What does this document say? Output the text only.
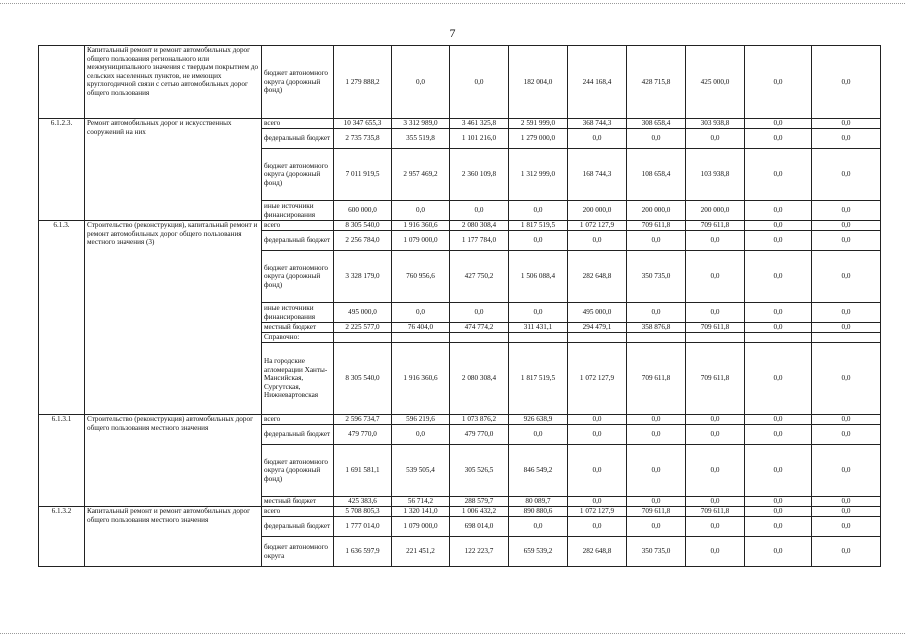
7
	Капитальный ремонт и ремонт автомобильных дорог общего пользования регионального или межмуниципального значения с твердым покрытием до сельских населенных пунктов, не имеющих круглогодичной связи с сетью автомобильных дорог общего пользования	бюджет автономного округа (дорожный фонд)	1 279 888,2	0,0	0,0	182 004,0	244 168,4	428 715,8	425 000,0	0,0	0,0
6.1.2.3.	Ремонт автомобильных дорог и искусственных сооружений на них	всего	10 347 655,3	3 312 989,0	3 461 325,8	2 591 999,0	368 744,3	308 658,4	303 938,8	0,0	0,0
		федеральный бюджет	2 735 735,8	355 519,8	1 101 216,0	1 279 000,0	0,0	0,0	0,0	0,0	0,0
		бюджет автономного округа (дорожный фонд)	7 011 919,5	2 957 469,2	2 360 109,8	1 312 999,0	168 744,3	108 658,4	103 938,8	0,0	0,0
		иные источники финансирования	600 000,0	0,0	0,0	0,0	200 000,0	200 000,0	200 000,0	0,0	0,0
6.1.3.	Строительство (реконструкция), капитальный ремонт и ремонт автомобильных дорог общего пользования местного значения (3)	всего	8 305 540,0	1 916 360,6	2 080 308,4	1 817 519,5	1 072 127,9	709 611,8	709 611,8	0,0	0,0
		федеральный бюджет	2 256 784,0	1 079 000,0	1 177 784,0	0,0	0,0	0,0	0,0	0,0	0,0
		бюджет автономного округа (дорожный фонд)	3 328 179,0	760 956,6	427 750,2	1 506 088,4	282 648,8	350 735,0	0,0	0,0	0,0
		иные источники финансирования	495 000,0	0,0	0,0	0,0	495 000,0	0,0	0,0	0,0	0,0
		местный бюджет	2 225 577,0	76 404,0	474 774,2	311 431,1	294 479,1	358 876,8	709 611,8	0,0	0,0
		Справочно:									
		На городские агломерации Ханты-Мансийская, Сургутская, Нижневартовская	8 305 540,0	1 916 360,6	2 080 308,4	1 817 519,5	1 072 127,9	709 611,8	709 611,8	0,0	0,0
6.1.3.1	Строительство (реконструкция) автомобильных дорог общего пользования местного значения	всего	2 596 734,7	596 219,6	1 073 876,2	926 638,9	0,0	0,0	0,0	0,0	0,0
		федеральный бюджет	479 770,0	0,0	479 770,0	0,0	0,0	0,0	0,0	0,0	0,0
		бюджет автономного округа (дорожный фонд)	1 691 581,1	539 505,4	305 526,5	846 549,2	0,0	0,0	0,0	0,0	0,0
		местный бюджет	425 383,6	56 714,2	288 579,7	80 089,7	0,0	0,0	0,0	0,0	0,0
6.1.3.2	Капитальный ремонт и ремонт автомобильных дорог общего пользования местного значения	всего	5 708 805,3	1 320 141,0	1 006 432,2	890 880,6	1 072 127,9	709 611,8	709 611,8	0,0	0,0
		федеральный бюджет	1 777 014,0	1 079 000,0	698 014,0	0,0	0,0	0,0	0,0	0,0	0,0
		бюджет автономного округа	1 636 597,9	221 451,2	122 223,7	659 539,2	282 648,8	350 735,0	0,0	0,0	0,0
